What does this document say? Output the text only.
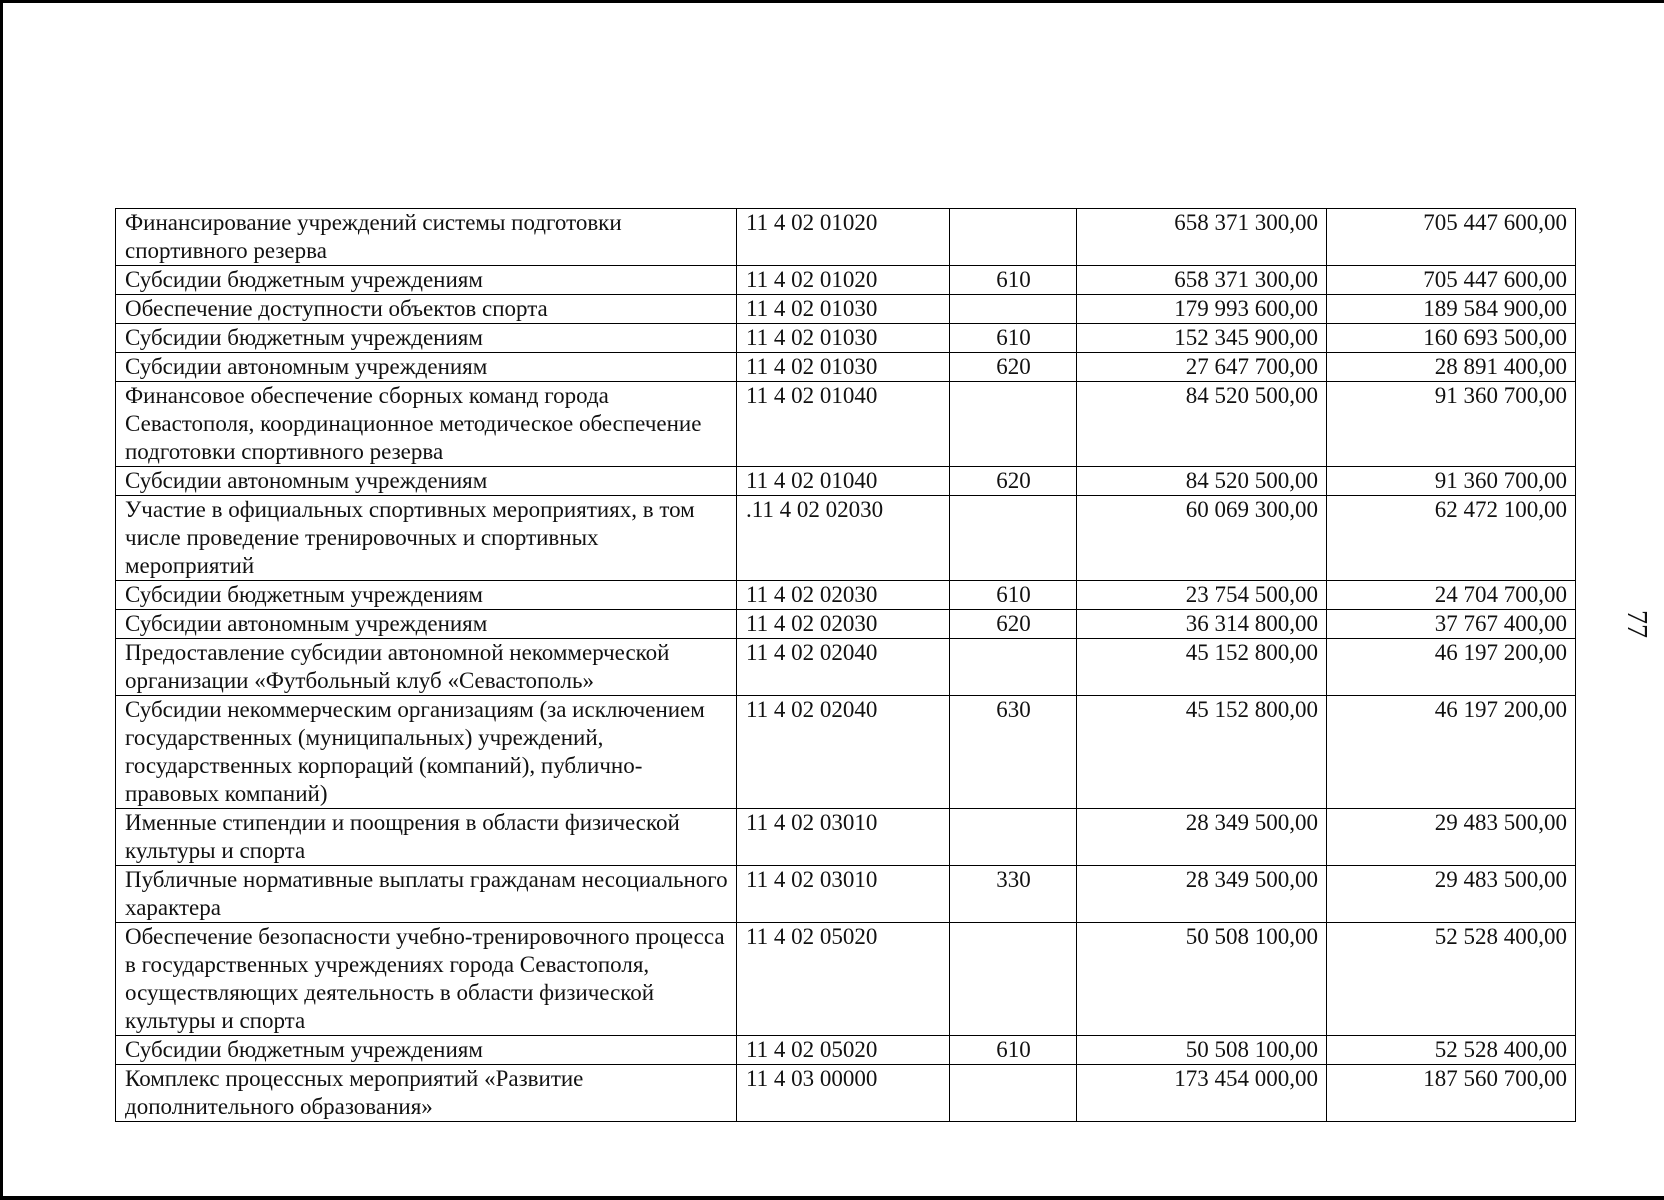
Финансирование учреждений системы подготовки спортивного резерва	11 4 02 01020		658 371 300,00	705 447 600,00
Субсидии бюджетным учреждениям	11 4 02 01020	610	658 371 300,00	705 447 600,00
Обеспечение доступности объектов спорта	11 4 02 01030		179 993 600,00	189 584 900,00
Субсидии бюджетным учреждениям	11 4 02 01030	610	152 345 900,00	160 693 500,00
Субсидии автономным учреждениям	11 4 02 01030	620	27 647 700,00	28 891 400,00
Финансовое обеспечение сборных команд города Севастополя, координационное методическое обеспечение подготовки спортивного резерва	11 4 02 01040		84 520 500,00	91 360 700,00
Субсидии автономным учреждениям	11 4 02 01040	620	84 520 500,00	91 360 700,00
Участие в официальных спортивных мероприятиях, в том числе проведение тренировочных и спортивных мероприятий	.11 4 02 02030		60 069 300,00	62 472 100,00
Субсидии бюджетным учреждениям	11 4 02 02030	610	23 754 500,00	24 704 700,00
Субсидии автономным учреждениям	11 4 02 02030	620	36 314 800,00	37 767 400,00
Предоставление субсидии автономной некоммерческой организации «Футбольный клуб «Севастополь»	11 4 02 02040		45 152 800,00	46 197 200,00
Субсидии некоммерческим организациям (за исключением государственных (муниципальных) учреждений, государственных корпораций (компаний), публично-правовых компаний)	11 4 02 02040	630	45 152 800,00	46 197 200,00
Именные стипендии и поощрения в области физической культуры и спорта	11 4 02 03010		28 349 500,00	29 483 500,00
Публичные нормативные выплаты гражданам несоциального характера	11 4 02 03010	330	28 349 500,00	29 483 500,00
Обеспечение безопасности учебно-тренировочного процесса в государственных учреждениях города Севастополя, осуществляющих деятельность в области физической культуры и спорта	11 4 02 05020		50 508 100,00	52 528 400,00
Субсидии бюджетным учреждениям	11 4 02 05020	610	50 508 100,00	52 528 400,00
Комплекс процессных мероприятий «Развитие дополнительного образования»	11 4 03 00000		173 454 000,00	187 560 700,00
77
